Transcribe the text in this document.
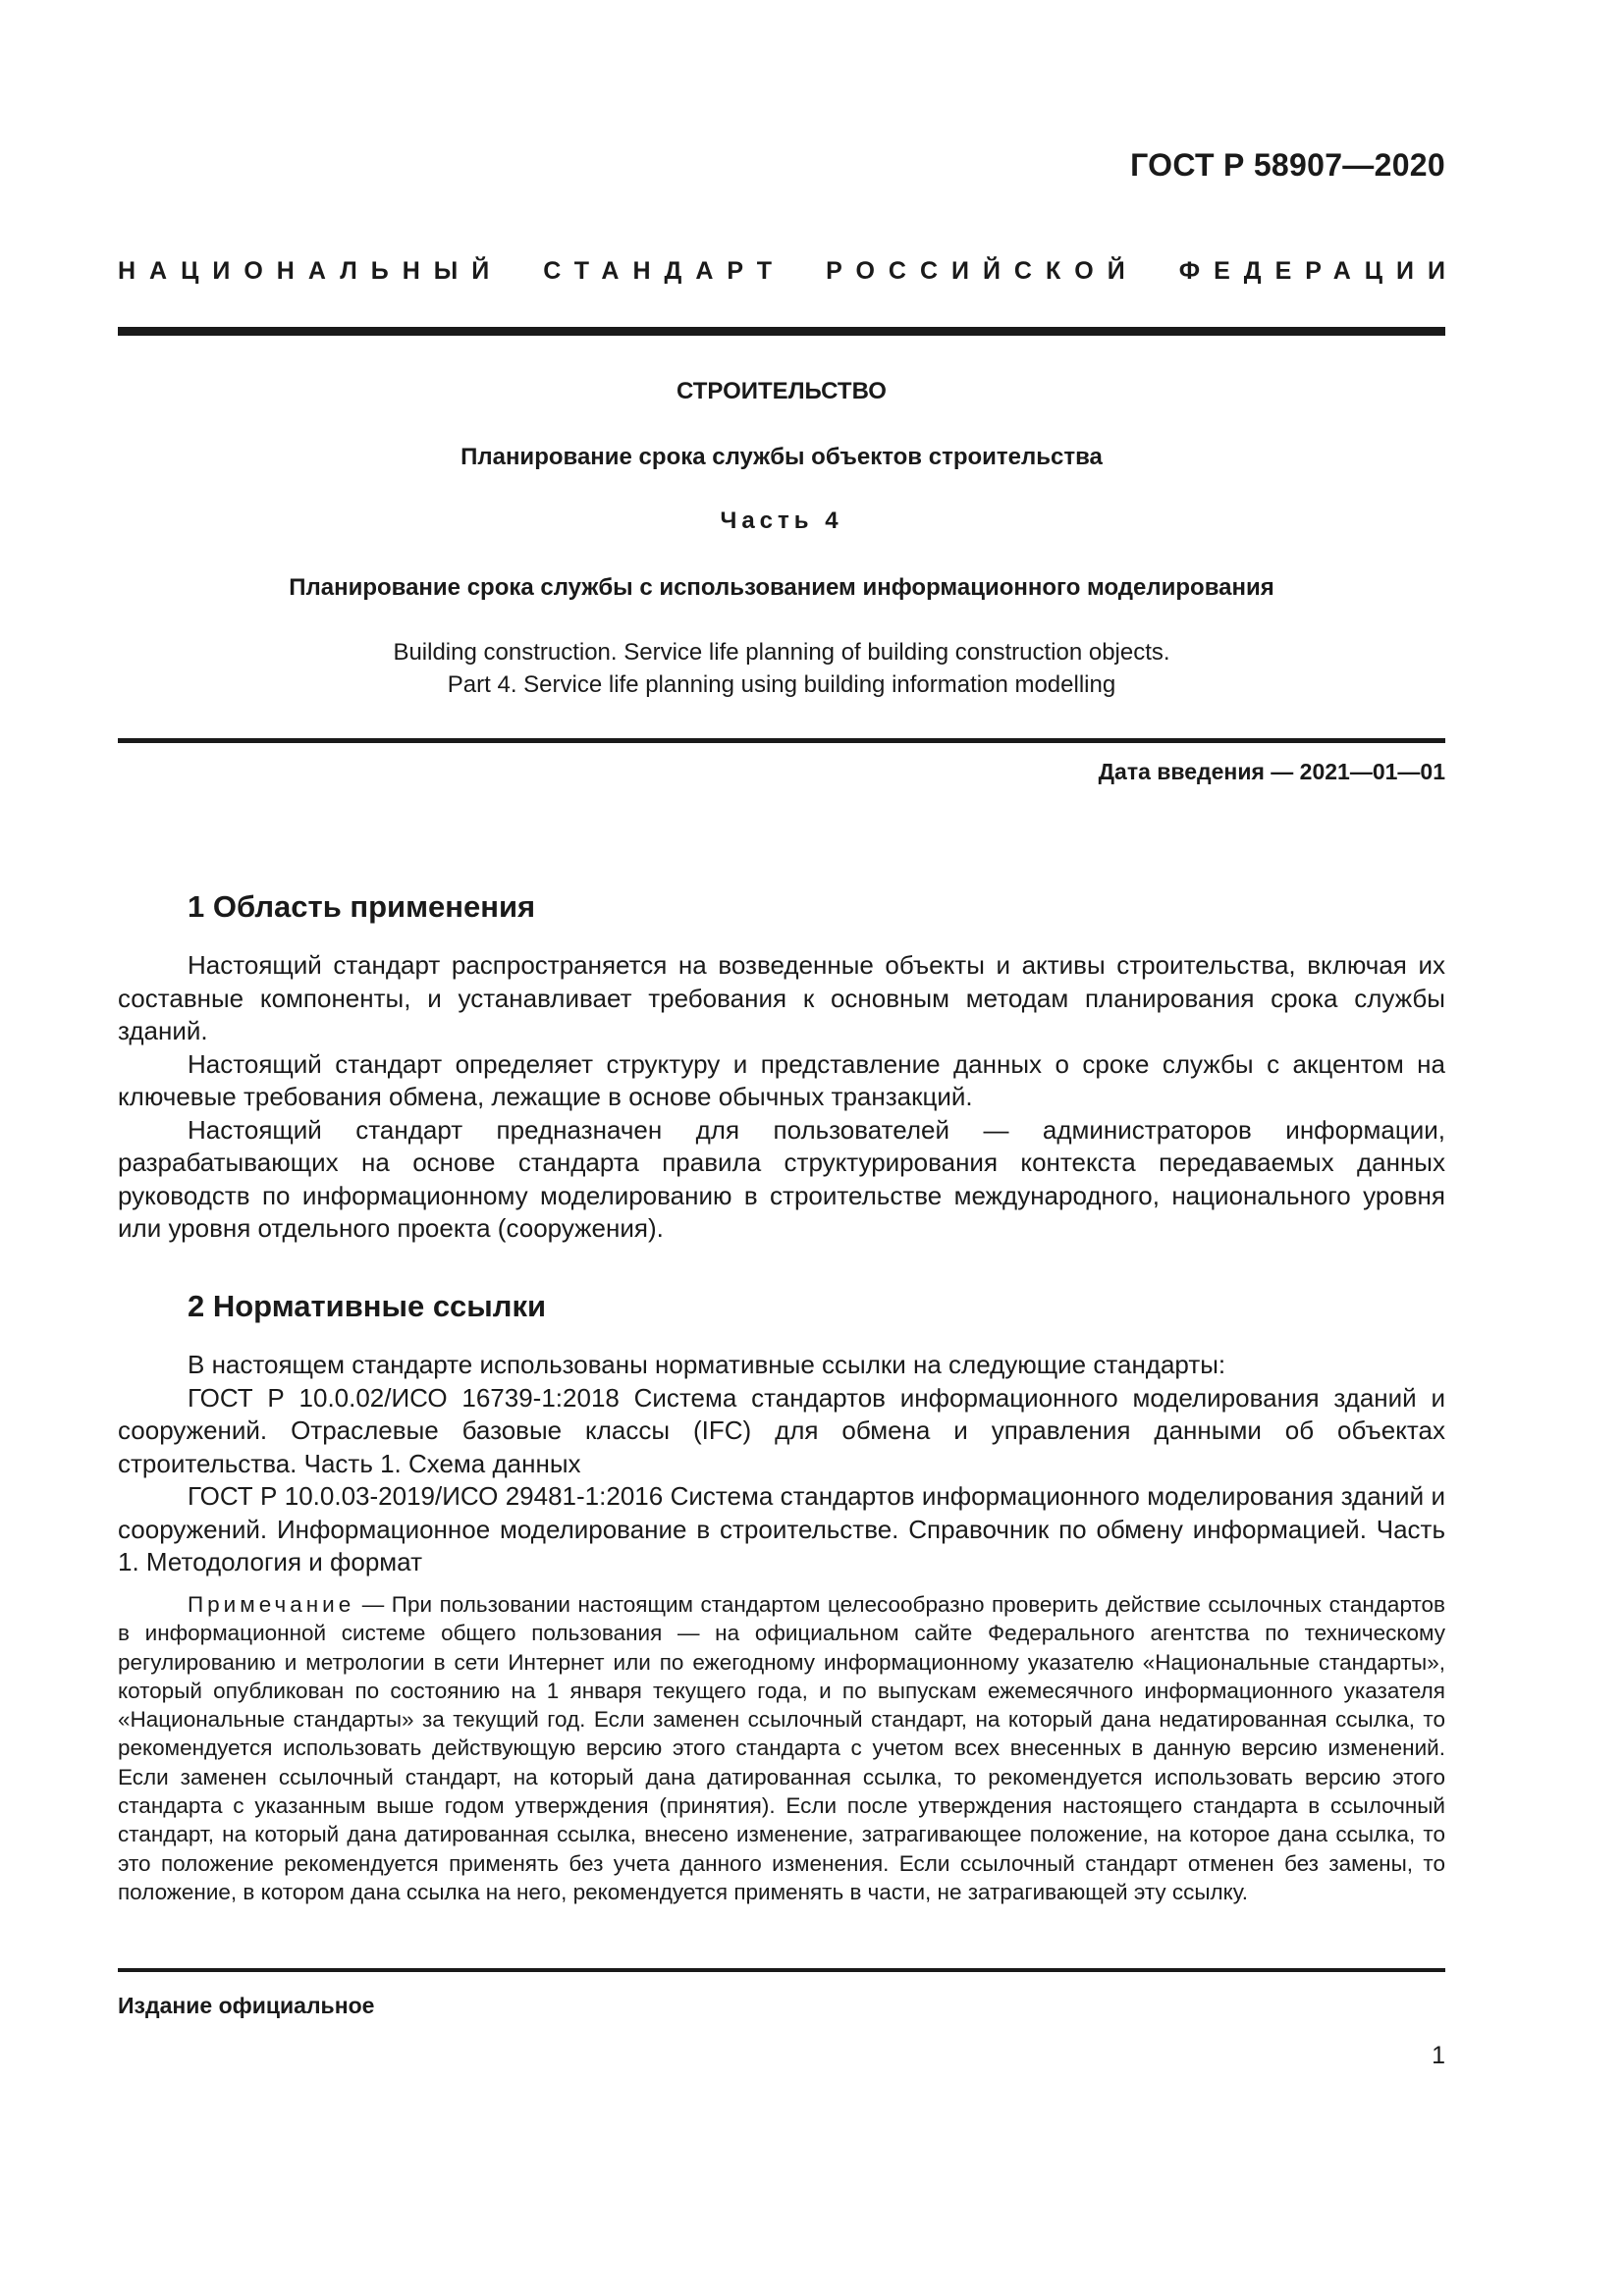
ГОСТ Р 58907—2020
НАЦИОНАЛЬНЫЙ СТАНДАРТ РОССИЙСКОЙ ФЕДЕРАЦИИ
СТРОИТЕЛЬСТВО
Планирование срока службы объектов строительства
Часть 4
Планирование срока службы с использованием информационного моделирования
Building construction. Service life planning of building construction objects.
Part 4. Service life planning using building information modelling
Дата введения — 2021—01—01
1 Область применения

Настоящий стандарт распространяется на возведенные объекты и активы строительства, включая их составные компоненты, и устанавливает требования к основным методам планирования срока службы зданий.

Настоящий стандарт определяет структуру и представление данных о сроке службы с акцентом на ключевые требования обмена, лежащие в основе обычных транзакций.

Настоящий стандарт предназначен для пользователей — администраторов информации, разрабатывающих на основе стандарта правила структурирования контекста передаваемых данных руководств по информационному моделированию в строительстве международного, национального уровня или уровня отдельного проекта (сооружения).

2 Нормативные ссылки

В настоящем стандарте использованы нормативные ссылки на следующие стандарты:

ГОСТ Р 10.0.02/ИСО 16739-1:2018 Система стандартов информационного моделирования зданий и сооружений. Отраслевые базовые классы (IFC) для обмена и управления данными об объектах строительства. Часть 1. Схема данных

ГОСТ Р 10.0.03-2019/ИСО 29481-1:2016 Система стандартов информационного моделирования зданий и сооружений. Информационное моделирование в строительстве. Справочник по обмену информацией. Часть 1. Методология и формат

Примечание — При пользовании настоящим стандартом целесообразно проверить действие ссылочных стандартов в информационной системе общего пользования — на официальном сайте Федерального агентства по техническому регулированию и метрологии в сети Интернет или по ежегодному информационному указателю «Национальные стандарты», который опубликован по состоянию на 1 января текущего года, и по выпускам ежемесячного информационного указателя «Национальные стандарты» за текущий год. Если заменен ссылочный стандарт, на который дана недатированная ссылка, то рекомендуется использовать действующую версию этого стандарта с учетом всех внесенных в данную версию изменений. Если заменен ссылочный стандарт, на который дана датированная ссылка, то рекомендуется использовать версию этого стандарта с указанным выше годом утверждения (принятия). Если после утверждения настоящего стандарта в ссылочный стандарт, на который дана датированная ссылка, внесено изменение, затрагивающее положение, на которое дана ссылка, то это положение рекомендуется применять без учета данного изменения. Если ссылочный стандарт отменен без замены, то положение, в котором дана ссылка на него, рекомендуется применять в части, не затрагивающей эту ссылку.
Издание официальное
1
